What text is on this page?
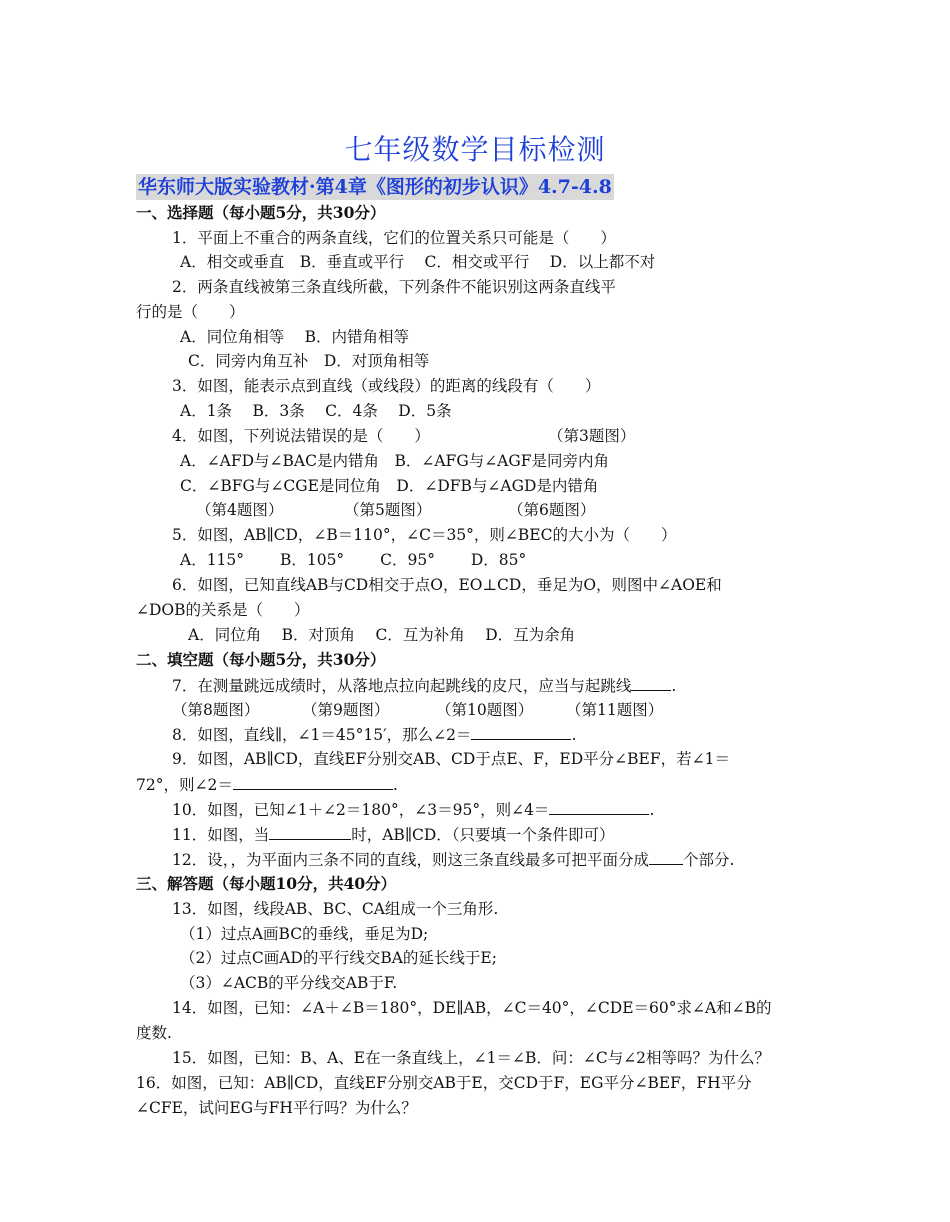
七年级数学目标检测
华东师大版实验教材·第4章《图形的初步认识》4.7-4.8
一、选择题（每小题5分，共30分）
1．平面上不重合的两条直线，它们的位置关系只可能是（　　）
A．相交或垂直　B．垂直或平行　 C．相交或平行　 D．以上都不对
2．两条直线被第三条直线所截，下列条件不能识别这两条直线平
行的是（　　）
A．同位角相等　 B．内错角相等
C．同旁内角互补　D．对顶角相等
3．如图，能表示点到直线（或线段）的距离的线段有（　　）
A．1条　 B．3条　 C．4条　 D．5条
4．如图，下列说法错误的是（　　）	（第3题图）
A．∠AFD与∠BAC是内错角　B．∠AFG与∠AGF是同旁内角
C．∠BFG与∠CGE是同位角　D．∠DFB与∠AGD是内错角
（第4题图）	（第5题图）	（第6题图）
5．如图，AB∥CD，∠B＝110°，∠C＝35°，则∠BEC的大小为（　　）
A．115°　　 B．105°　　 C．95°　　 D．85°
6．如图，已知直线AB与CD相交于点O，EO⊥CD，垂足为O，则图中∠AOE和
∠DOB的关系是（　　）
A．同位角　 B．对顶角　 C．互为补角　 D．互为余角
二、填空题（每小题5分，共30分）
7．在测量跳远成绩时，从落地点拉向起跳线的皮尺，应当与起跳线	.
（第8题图）	（第9题图）	（第10题图） （第11题图）
8．如图，直线∥，∠1＝45°15′，那么∠2＝	.
9．如图，AB∥CD，直线EF分别交AB、CD于点E、F，ED平分∠BEF，若∠1＝
72°，则∠2＝	.
10．如图，已知∠1＋∠2＝180°，∠3＝95°，则∠4＝	.
11．如图，当	时，AB∥CD．（只要填一个条件即可）
12．设，，为平面内三条不同的直线，则这三条直线最多可把平面分成 个部分.
三、解答题（每小题10分，共40分）
13．如图，线段AB、BC、CA组成一个三角形.
（1）过点A画BC的垂线，垂足为D;
（2）过点C画AD的平行线交BA的延长线于E;
（3）∠ACB的平分线交AB于F.
14．如图，已知：∠A＋∠B＝180°，DE∥AB，∠C＝40°，∠CDE＝60°求∠A和∠B的
度数.
15．如图，已知：B、A、E在一条直线上，∠1＝∠B．问：∠C与∠2相等吗？为什么？
16．如图，已知：AB∥CD，直线EF分别交AB于E，交CD于F，EG平分∠BEF，FH平分
∠CFE，试问EG与FH平行吗？为什么？
